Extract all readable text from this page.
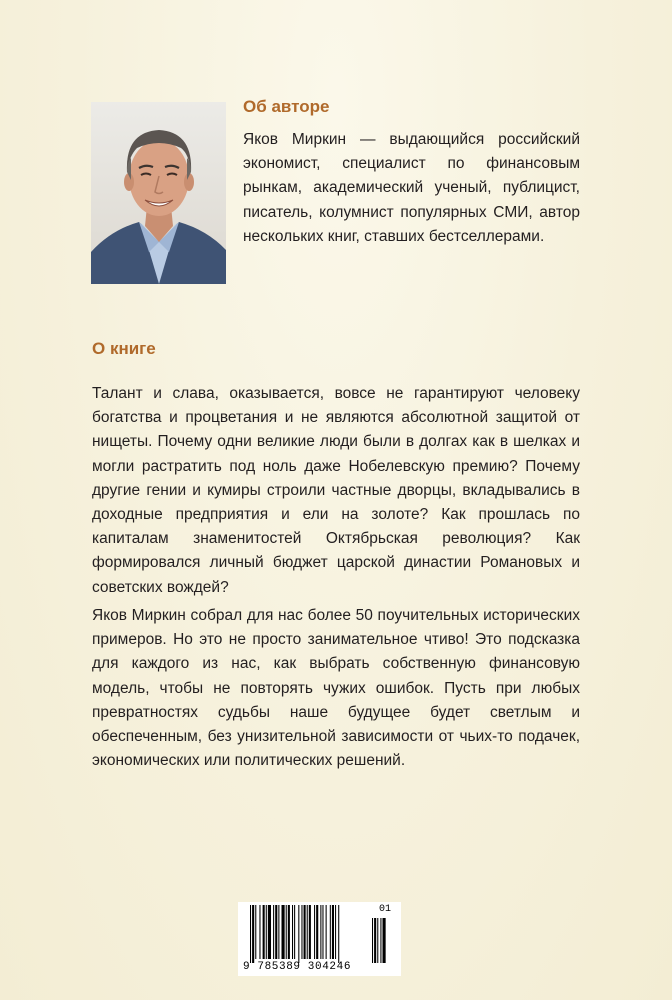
Об авторе

Яков Миркин — выдающийся российский экономист, специалист по финансовым рынкам, академический ученый, публицист, писатель, колумнист популярных СМИ, автор нескольких книг, ставших бестселлерами.

О книге

Талант и слава, оказывается, вовсе не гарантируют человеку богатства и процветания и не являются абсолютной защитой от нищеты. Почему одни великие люди были в долгах как в шелках и могли растратить под ноль даже Нобелевскую премию? Почему другие гении и кумиры строили частные дворцы, вкладывались в доходные предприятия и ели на золоте? Как прошлась по капиталам знаменитостей Октябрьская революция? Как формировался личный бюджет царской династии Романовых и советских вождей?

Яков Миркин собрал для нас более 50 поучительных исторических примеров. Но это не просто занимательное чтиво! Это подсказка для каждого из нас, как выбрать собственную финансовую модель, чтобы не повторять чужих ошибок. Пусть при любых превратностях судьбы наше будущее будет светлым и обеспеченным, без унизительной зависимости от чьих-то подачек, экономических или политических решений.

01

9 785389 304246
